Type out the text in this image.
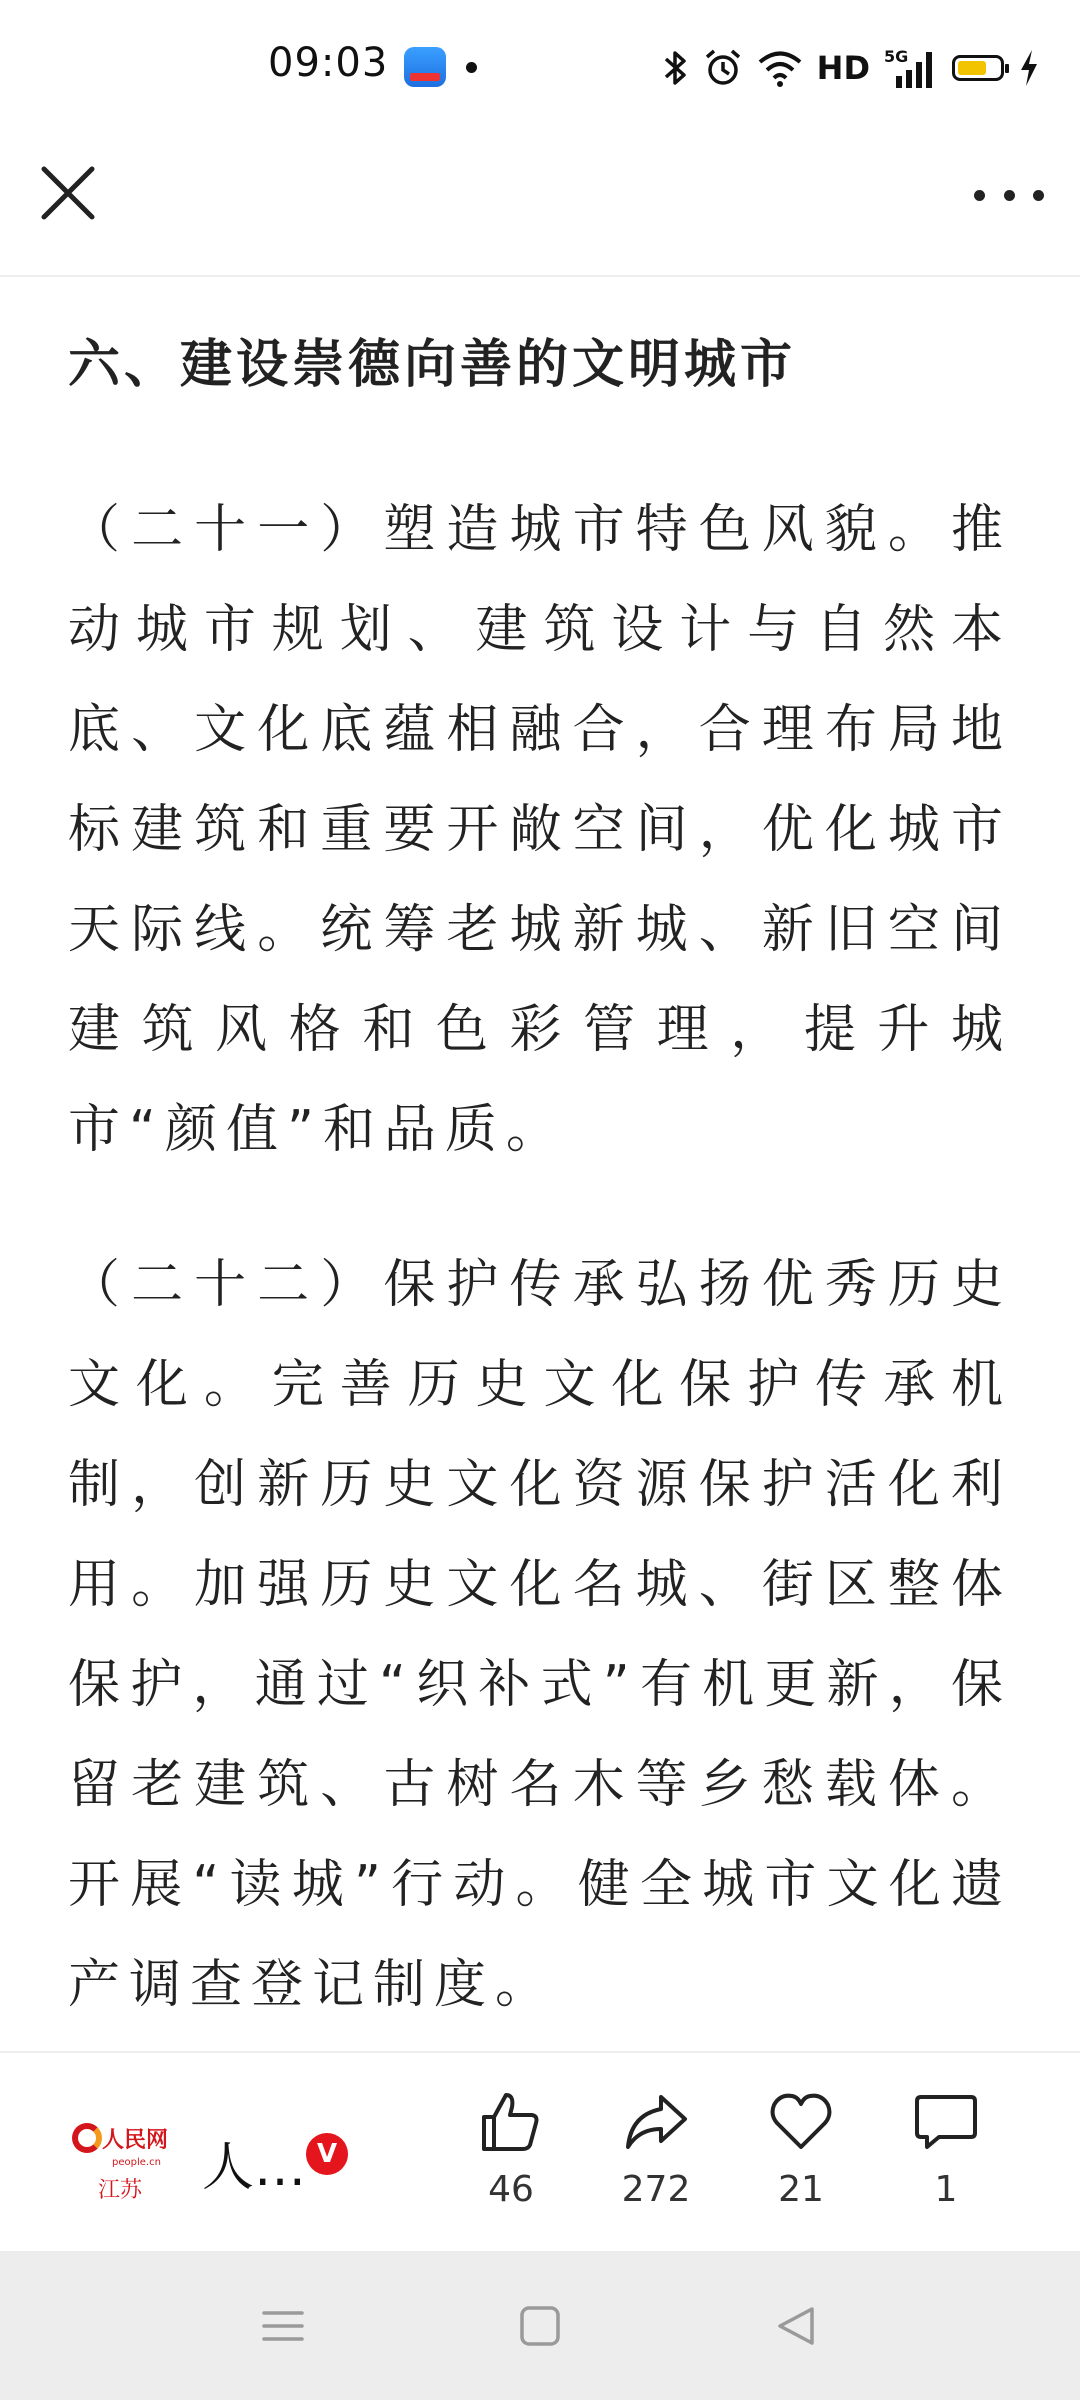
09:03	HD 5G
六、建设崇德向善的文明城市

（二十一）塑造城市特色风貌。推动城市规划、建筑设计与自然本底、文化底蕴相融合，合理布局地标建筑和重要开敞空间，优化城市天际线。统筹老城新城、新旧空间建筑风格和色彩管理，提升城市“颜值”和品质。

（二十二）保护传承弘扬优秀历史文化。完善历史文化保护传承机制，创新历史文化资源保护活化利用。加强历史文化名城、街区整体保护，通过“织补式”有机更新，保留老建筑、古树名木等乡愁载体。开展“读城”行动。健全城市文化遗产调查登记制度。

人民网
people.cn
江苏 人… V
46	272	21	1
